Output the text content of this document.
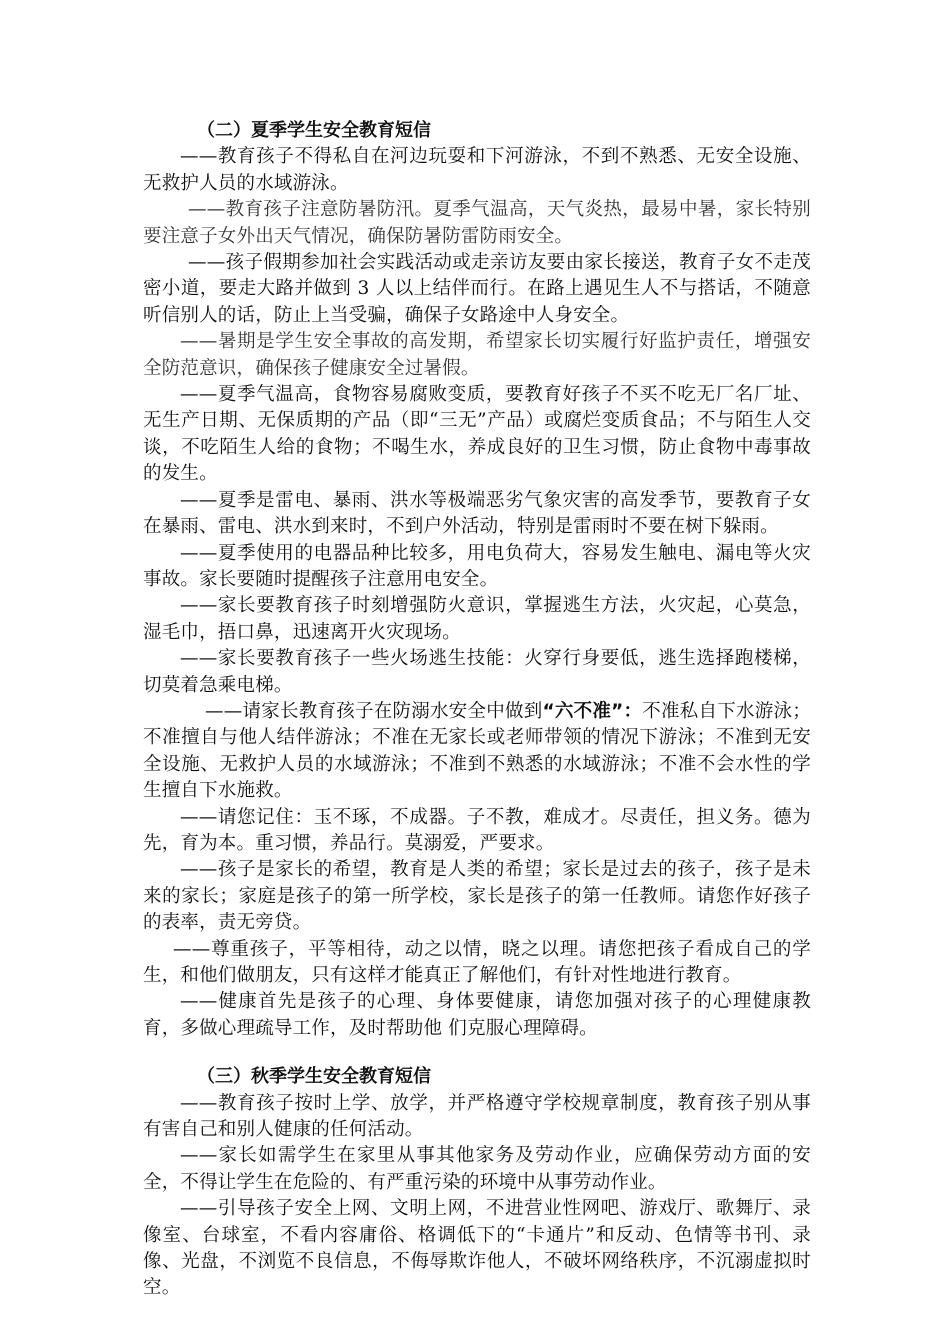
（二）夏季学生安全教育短信

——教育孩子不得私自在河边玩耍和下河游泳，不到不熟悉、无安全设施、无救护人员的水域游泳。

——教育孩子注意防暑防汛。夏季气温高，天气炎热，最易中暑，家长特别要注意子女外出天气情况，确保防暑防雷防雨安全。

——孩子假期参加社会实践活动或走亲访友要由家长接送，教育子女不走茂密小道，要走大路并做到 3 人以上结伴而行。在路上遇见生人不与搭话，不随意听信别人的话，防止上当受骗，确保子女路途中人身安全。

——暑期是学生安全事故的高发期，希望家长切实履行好监护责任，增强安全防范意识，确保孩子健康安全过暑假。

——夏季气温高，食物容易腐败变质，要教育好孩子不买不吃无厂名厂址、无生产日期、无保质期的产品（即“三无”产品）或腐烂变质食品；不与陌生人交谈，不吃陌生人给的食物；不喝生水，养成良好的卫生习惯，防止食物中毒事故的发生。

——夏季是雷电、暴雨、洪水等极端恶劣气象灾害的高发季节，要教育子女在暴雨、雷电、洪水到来时，不到户外活动，特别是雷雨时不要在树下躲雨。

——夏季使用的电器品种比较多，用电负荷大，容易发生触电、漏电等火灾事故。家长要随时提醒孩子注意用电安全。

——家长要教育孩子时刻增强防火意识，掌握逃生方法，火灾起，心莫急，湿毛巾，捂口鼻，迅速离开火灾现场。

——家长要教育孩子一些火场逃生技能：火穿行身要低，逃生选择跑楼梯，切莫着急乘电梯。

——请家长教育孩子在防溺水安全中做到“六不准”：不准私自下水游泳；不准擅自与他人结伴游泳；不准在无家长或老师带领的情况下游泳；不准到无安全设施、无救护人员的水域游泳；不准到不熟悉的水域游泳；不准不会水性的学生擅自下水施救。

——请您记住：玉不琢，不成器。子不教，难成才。尽责任，担义务。德为先，育为本。重习惯，养品行。莫溺爱，严要求。

——孩子是家长的希望，教育是人类的希望；家长是过去的孩子，孩子是未来的家长；家庭是孩子的第一所学校，家长是孩子的第一任教师。请您作好孩子的表率，责无旁贷。

——尊重孩子，平等相待，动之以情，晓之以理。请您把孩子看成自己的学生，和他们做朋友，只有这样才能真正了解他们，有针对性地进行教育。

——健康首先是孩子的心理、身体要健康，请您加强对孩子的心理健康教育，多做心理疏导工作，及时帮助他 们克服心理障碍。

（三）秋季学生安全教育短信

——教育孩子按时上学、放学，并严格遵守学校规章制度，教育孩子别从事有害自己和别人健康的任何活动。

——家长如需学生在家里从事其他家务及劳动作业，应确保劳动方面的安全，不得让学生在危险的、有严重污染的环境中从事劳动作业。

——引导孩子安全上网、文明上网，不进营业性网吧、游戏厅、歌舞厅、录像室、台球室，不看内容庸俗、格调低下的“卡通片”和反动、色情等书刊、录像、光盘，不浏览不良信息，不侮辱欺诈他人，不破坏网络秩序，不沉溺虚拟时空。
